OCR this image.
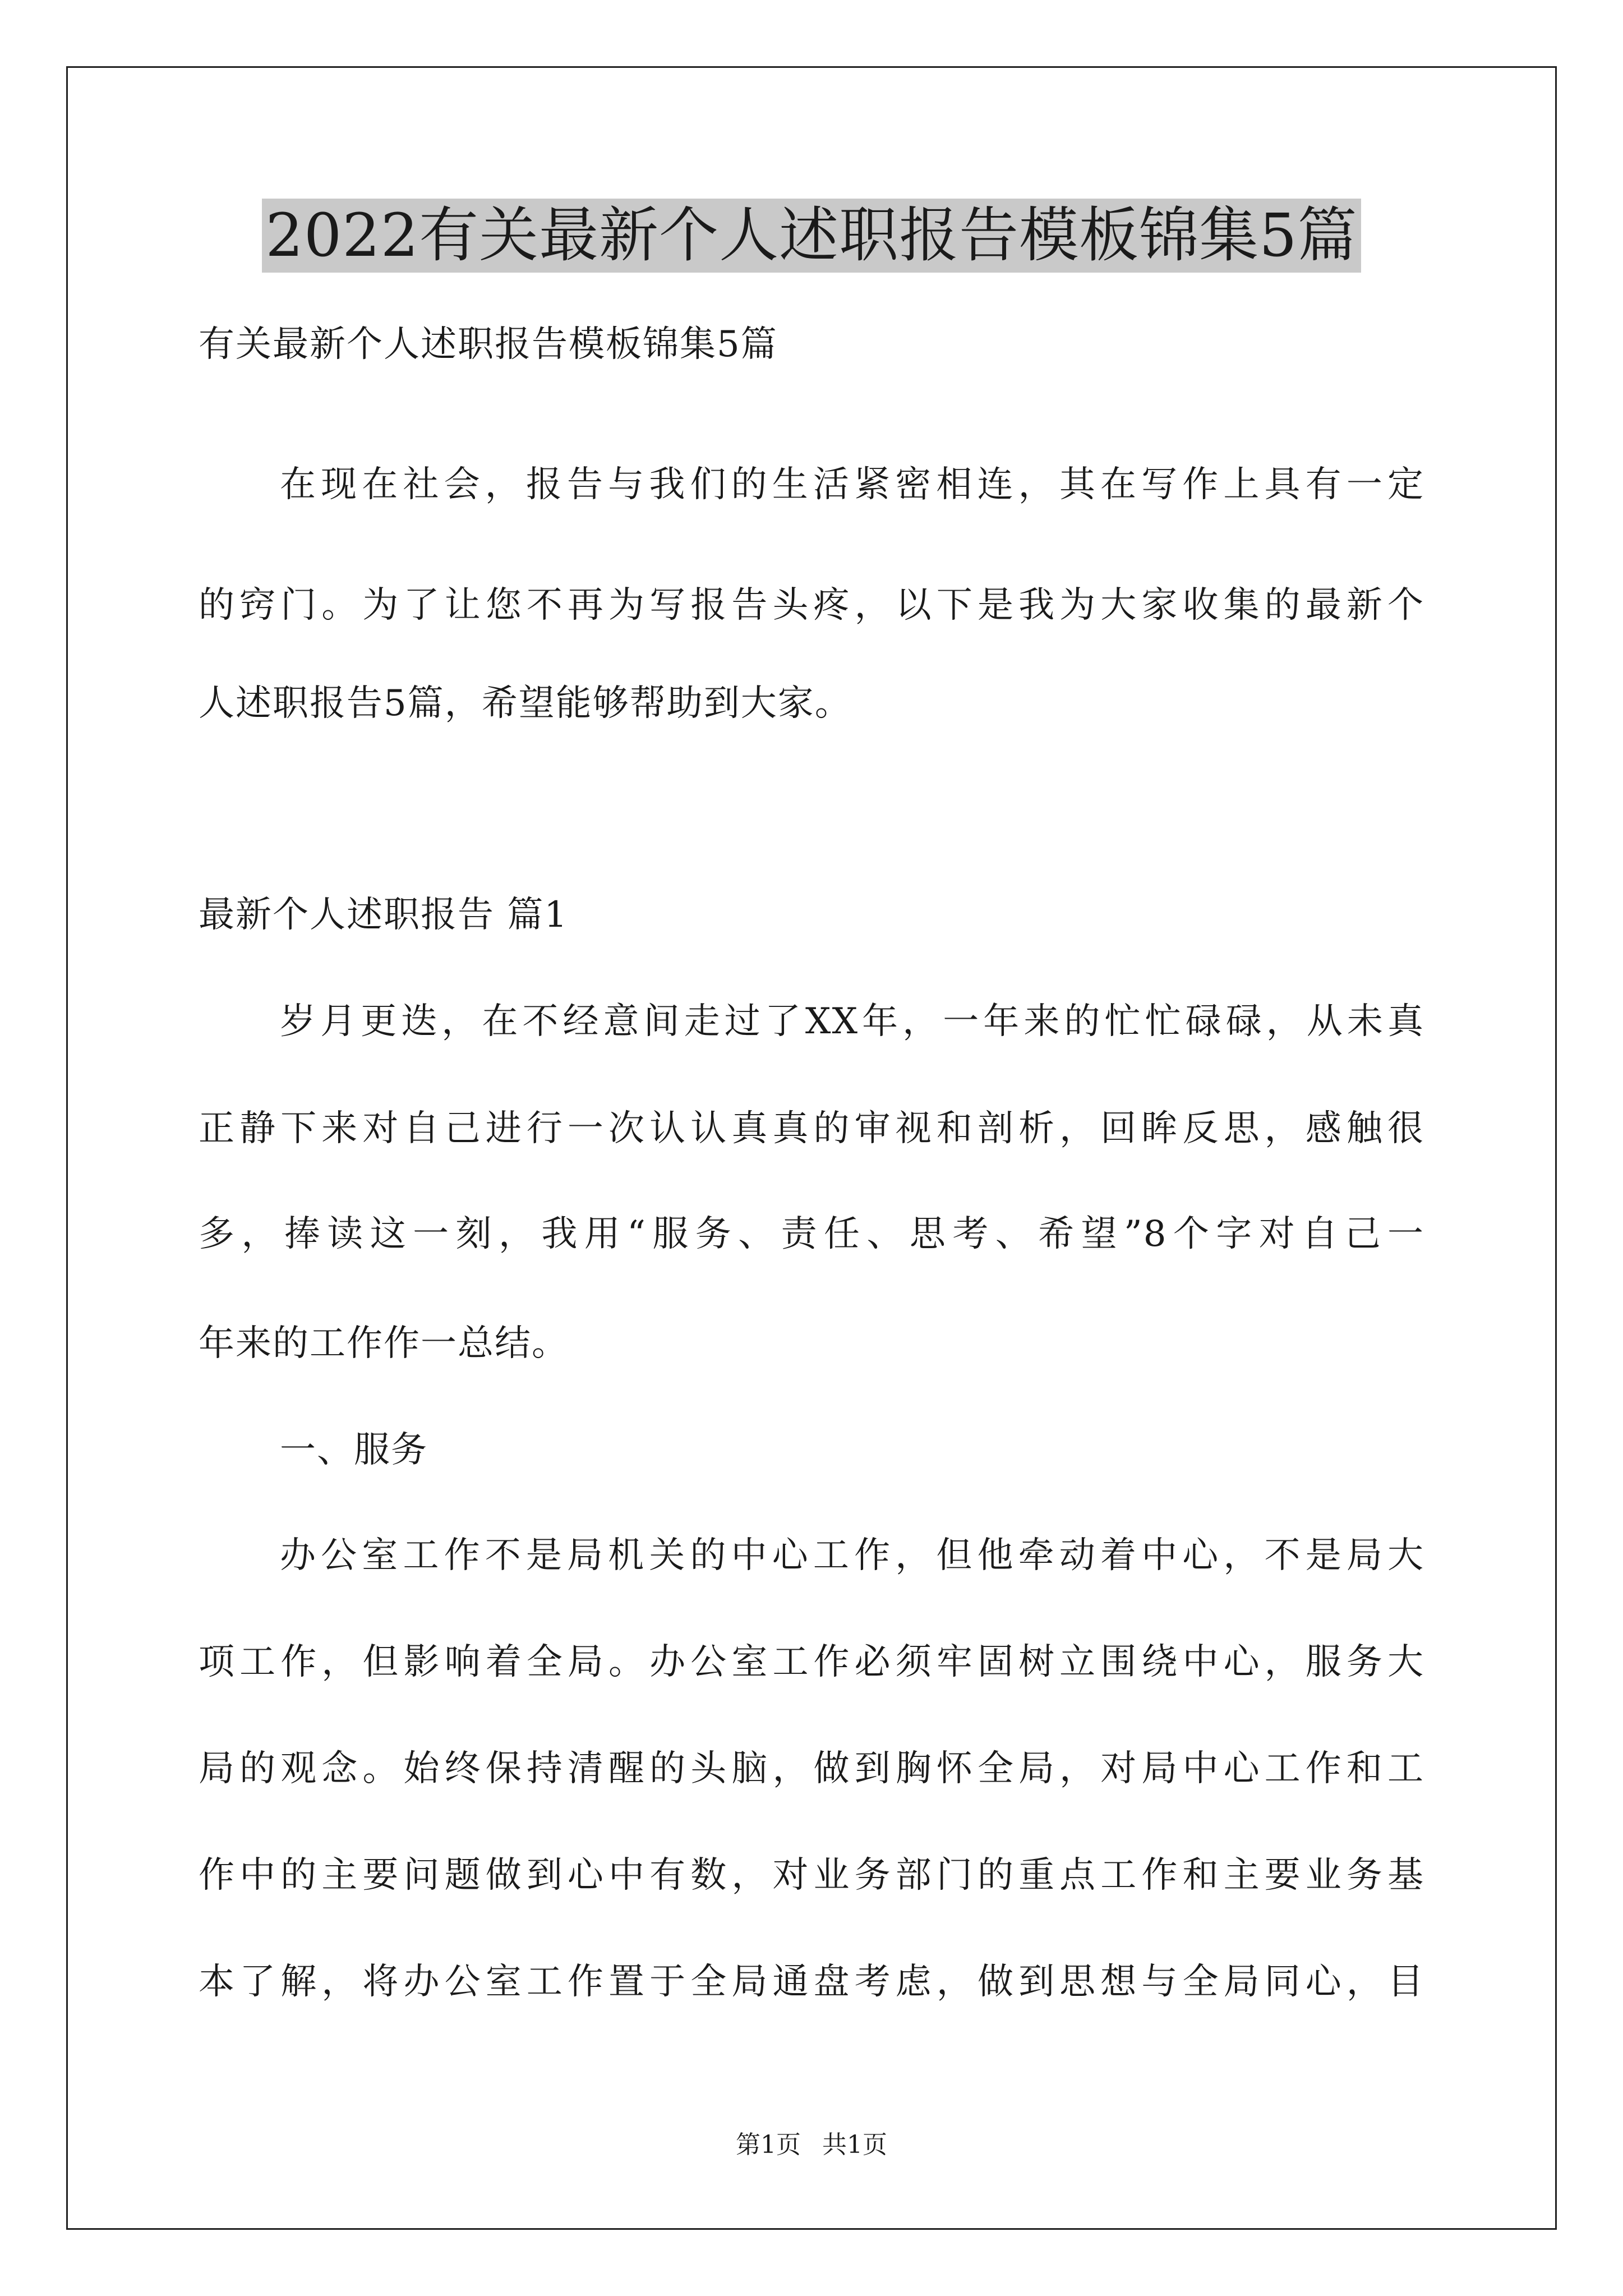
2022有关最新个人述职报告模板锦集5篇
有关最新个人述职报告模板锦集5篇
在现在社会，报告与我们的生活紧密相连，其在写作上具有一定
的窍门。为了让您不再为写报告头疼，以下是我为大家收集的最新个
人述职报告5篇，希望能够帮助到大家。
最新个人述职报告 篇1
岁月更迭，在不经意间走过了XX年，一年来的忙忙碌碌，从未真
正静下来对自己进行一次认认真真的审视和剖析，回眸反思，感触很
多，捧读这一刻，我用“服务、责任、思考、希望”8个字对自己一
年来的工作作一总结。
一、服务
办公室工作不是局机关的中心工作，但他牵动着中心，不是局大
项工作，但影响着全局。办公室工作必须牢固树立围绕中心，服务大
局的观念。始终保持清醒的头脑，做到胸怀全局，对局中心工作和工
作中的主要问题做到心中有数，对业务部门的重点工作和主要业务基
本了解，将办公室工作置于全局通盘考虑，做到思想与全局同心，目
第1页 共1页
